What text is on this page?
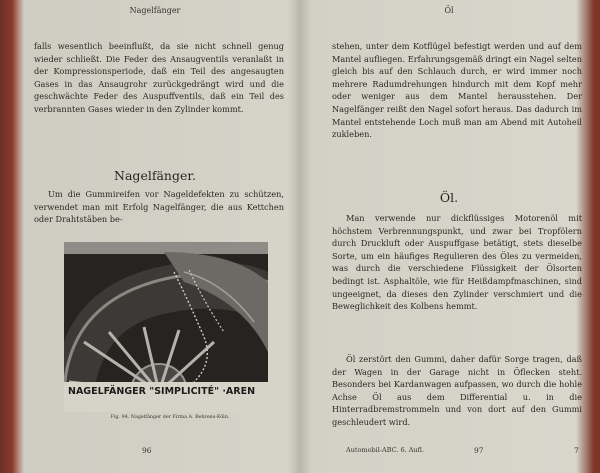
Nagelfänger

falls wesentlich beeinflußt, da sie nicht schnell genug wieder schließt. Die Feder des Ansaugventils veranlaßt in der Kompressionsperiode, daß ein Teil des angesaugten Gases in das Ansaugrohr zurückgedrängt wird und die geschwächte Feder des Auspuffventils, daß ein Teil des verbrannten Gases wieder in den Zylinder kommt.

Nagelfänger.

Um die Gummireifen vor Nageldefekten zu schützen, verwendet man mit Erfolg Nagelfänger, die aus Kettchen oder Drahtstäben be-

NAGELFÄNGER "SIMPLICITÉ" ·AREN
Fig. 94. Nagelfänger der Firma A. Behrens-Köln.
96
Öl

stehen, unter dem Kotflügel befestigt werden und auf dem Mantel aufliegen. Erfahrungsgemäß dringt ein Nagel selten gleich bis auf den Schlauch durch, er wird immer noch mehrere Radumdrehungen hindurch mit dem Kopf mehr oder weniger aus dem Mantel herausstehen. Der Nagelfänger reißt den Nagel sofort heraus. Das dadurch im Mantel entstehende Loch muß man am Abend mit Autoheil zukleben.

Öl.

Man verwende nur dickflüssiges Motorenöl mit höchstem Verbrennungspunkt, und zwar bei Tropfölern durch Druckluft oder Auspuffgase betätigt, stets dieselbe Sorte, um ein häufiges Regulieren des Öles zu vermeiden, was durch die verschiedene Flüssigkeit der Ölsorten bedingt ist. Asphaltöle, wie für Heißdampfmaschinen, sind ungeeignet, da dieses den Zylinder verschmiert und die Beweglichkeit des Kolbens hemmt.

Öl zerstört den Gummi, daher dafür Sorge tragen, daß der Wagen in der Garage nicht in Öflecken steht. Besonders bei Kardanwagen aufpassen, wo durch die hohle Achse Öl aus dem Differential u. in die Hinterradbremstrommeln und von dort auf den Gummi geschleudert wird.

Automobil-ABC. 6. Aufl.	97	7
